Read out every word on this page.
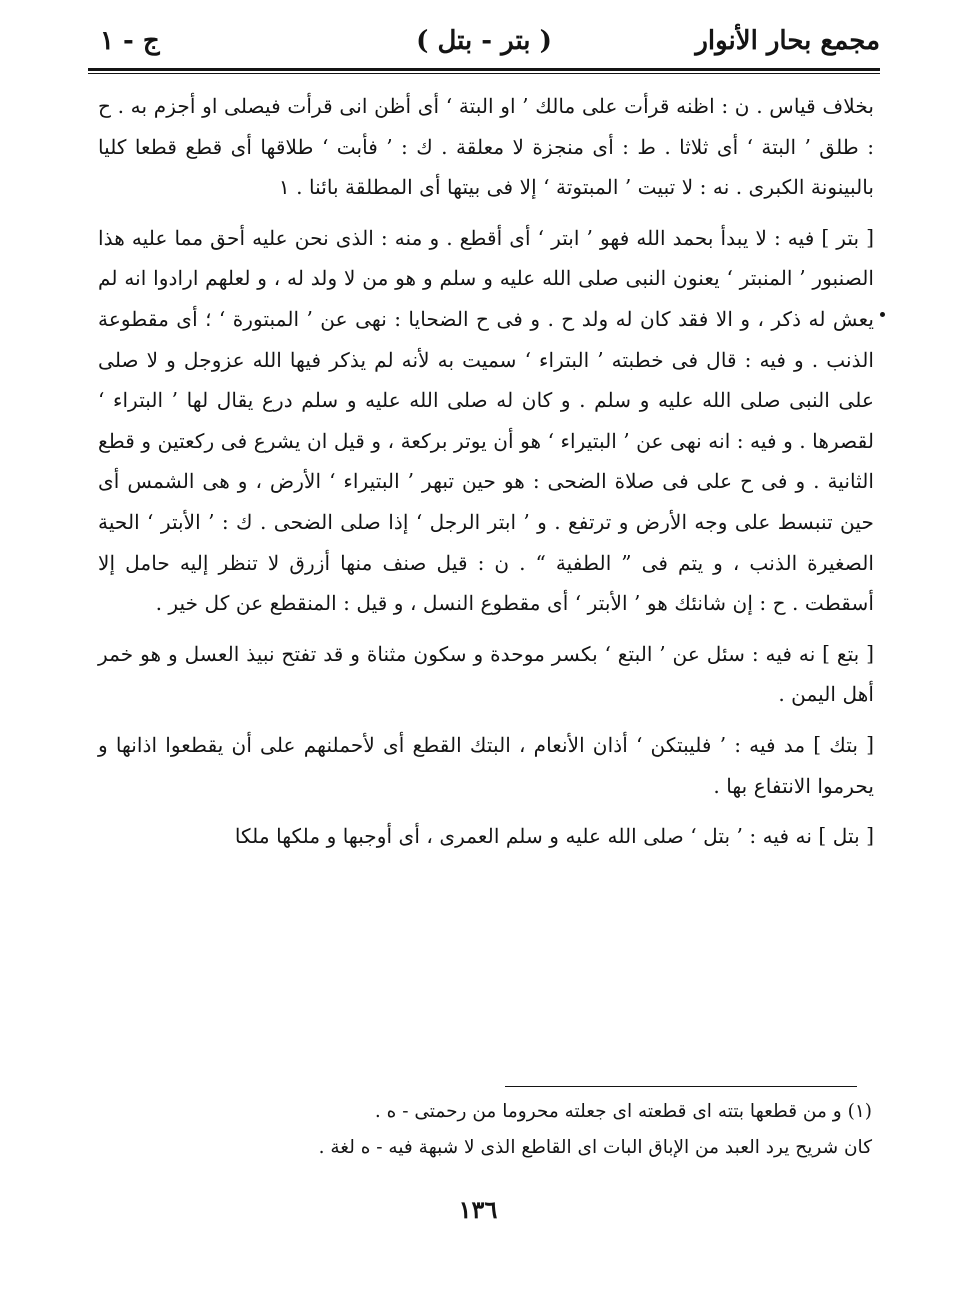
مجمع بحار الأنوار
( بتر - بتل )
ج - ١

بخلاف قياس . ن : اظنه قرأت على مالك ’ او البتة ‘ أى أظن انى قرأت فيصلى او أجزم به . ح : طلق ’ البتة ‘ أى ثلاثا . ط : أى منجزة لا معلقة . ك : ’ فأبت ‘ طلاقها أى قطع قطعا كليا بالبينونة الكبرى . نه : لا تبيت ’ المبتوتة ‘ إلا فى بيتها أى المطلقة بائنا . ١

[ بتر ] فيه : لا يبدأ بحمد الله فهو ’ ابتر ‘ أى أقطع . و منه : الذى نحن عليه أحق مما عليه هذا الصنبور ’ المنبتر ‘ يعنون النبى صلى الله عليه و سلم و هو من لا ولد له ، و لعلهم ارادوا انه لم يعش له ذكر ، و الا فقد كان له ولد ح . و فى ح الضحايا : نهى عن ’ المبتورة ‘ ؛ أى مقطوعة الذنب . و فيه : قال فى خطبته ’ البتراء ‘ سميت به لأنه لم يذكر فيها الله عزوجل و لا صلى على النبى صلى الله عليه و سلم . و كان له صلى الله عليه و سلم درع يقال لها ’ البتراء ‘ لقصرها . و فيه : انه نهى عن ’ البتيراء ‘ هو أن يوتر بركعة ، و قيل ان يشرع فى ركعتين و قطع الثانية . و فى ح على فى صلاة الضحى : هو حين تبهر ’ البتيراء ‘ الأرض ، و هى الشمس أى حين تنبسط على وجه الأرض و ترتفع . و ’ ابتر الرجل ‘ إذا صلى الضحى . ك : ’ الأبتر ‘ الحية الصغيرة الذنب ، و يتم فى ” الطفية “ . ن : قيل صنف منها أزرق لا تنظر إليه حامل إلا أسقطت . ح : إن شانئك هو ’ الأبتر ‘ أى مقطوع النسل ، و قيل : المنقطع عن كل خير .

[ بتع ] نه فيه : سئل عن ’ البتع ‘ بكسر موحدة و سكون مثناة و قد تفتح نبيذ العسل و هو خمر أهل اليمن .

[ بتك ] مد فيه : ’ فليبتكن ‘ أذان الأنعام ، البتك القطع أى لأحملنهم على أن يقطعوا اذانها و يحرموا الانتفاع بها .

[ بتل ] نه فيه : ’ بتل ‘ صلى الله عليه و سلم العمرى ، أى أوجبها و ملكها ملكا

(١) و من قطعها بتته اى قطعته اى جعلته محروما من رحمتى - ه .

كان شريح يرد العبد من الإباق البات اى القاطع الذى لا شبهة فيه - ه لغة .

١٣٦
